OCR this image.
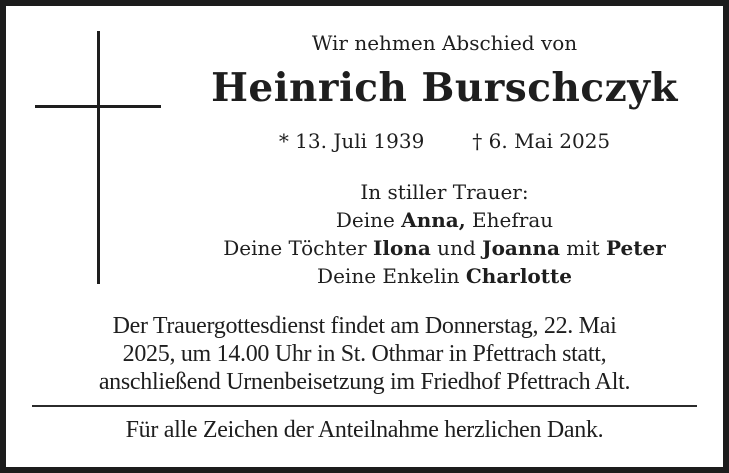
Wir nehmen Abschied von
Heinrich Burschczyk
* 13. Juli 1939 † 6. Mai 2025
In stiller Trauer:
Deine Anna, Ehefrau
Deine Töchter Ilona und Joanna mit Peter
Deine Enkelin Charlotte
Der Trauergottesdienst findet am Donnerstag, 22. Mai
2025, um 14.00 Uhr in St. Othmar in Pfettrach statt,
anschließend Urnenbeisetzung im Friedhof Pfettrach Alt.
Für alle Zeichen der Anteilnahme herzlichen Dank.
